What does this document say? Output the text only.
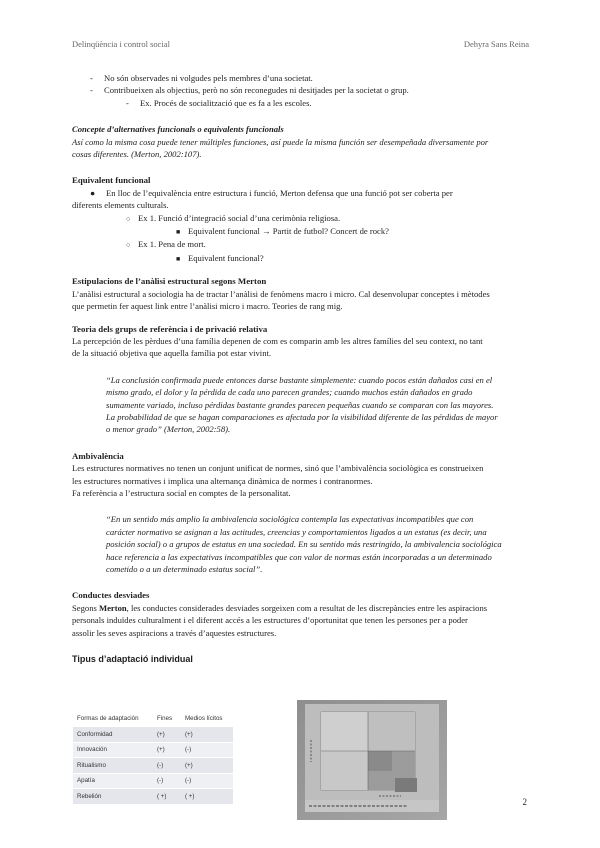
Delinqüència i control social	Dehyra Sans Reina
- No són observades ni volgudes pels membres d’una societat.
- Contribueixen als objectius, però no són reconegudes ni desitjades per la societat o grup.
- Ex. Procés de socialització que es fa a les escoles.
Concepte d’alternatives funcionals o equivalents funcionals
Así como la misma cosa puede tener múltiples funciones, así puede la misma función ser desempeñada diversamente por
cosas diferentes. (Merton, 2002:107).
Equivalent funcional
● En lloc de l’equivalència entre estructura i funció, Merton defensa que una funció pot ser coberta per
diferents elements culturals.
○ Ex 1. Funció d’integració social d’una cerimònia religiosa.
■ Equivalent funcional → Partit de futbol? Concert de rock?
○ Ex 1. Pena de mort.
■ Equivalent funcional?
Estipulacions de l’anàlisi estructural segons Merton
L’anàlisi estructural a sociologia ha de tractar l’anàlisi de fenòmens macro i micro. Cal desenvolupar conceptes i mètodes
que permetin fer aquest link entre l’anàlisi micro i macro. Teories de rang mig.
Teoria dels grups de referència i de privació relativa
La percepción de les pèrdues d’una família depenen de com es comparin amb les altres famílies del seu context, no tant
de la situació objetiva que aquella família pot estar vivint.
“La conclusión confirmada puede entonces darse bastante simplemente: cuando pocos están dañados casi en el
mismo grado, el dolor y la pérdida de cada uno parecen grandes; cuando muchos están dañados en grado
sumamente variado, incluso pérdidas bastante grandes parecen pequeñas cuando se comparan con las mayores.
La probabilidad de que se hagan comparaciones es afectada por la visibilidad diferente de las pérdidas de mayor
o menor grado” (Merton, 2002:58).
Ambivalència
Les estructures normatives no tenen un conjunt unificat de normes, sinó que l’ambivalència sociològica es construeixen
les estructures normatives i implica una alternança dinàmica de normes i contranormes.
Fa referència a l’estructura social en comptes de la personalitat.
“En un sentido más amplio la ambivalencia sociológica contempla las expectativas incompatibles que con
carácter normativo se asignan a las actitudes, creencias y comportamientos ligados a un estatus (es decir, una
posición social) o a grupos de estatus en una sociedad. En su sentido más restringido, la ambivalencia sociológica
hace referencia a las expectativas incompatibles que con valor de normas están incorporadas a un determinado
cometido o a un determinado estatus social”.
Conductes desviades
Segons Merton, les conductes considerades desviades sorgeixen com a resultat de les discrepàncies entre les aspiracions
personals induïdes culturalment i el diferent accés a les estructures d’oportunitat que tenen les persones per a poder
assolir les seves aspiracions a través d’aquestes estructures.
Tipus d’adaptació individual
Formas de adaptación	Fines	Medios lícitos
Conformidad	(+)	(+)
Innovación	(+)	(-)
Ritualismo	(-)	(+)
Apatía	(-)	(-)
Rebelión	( +)	( +)
2
